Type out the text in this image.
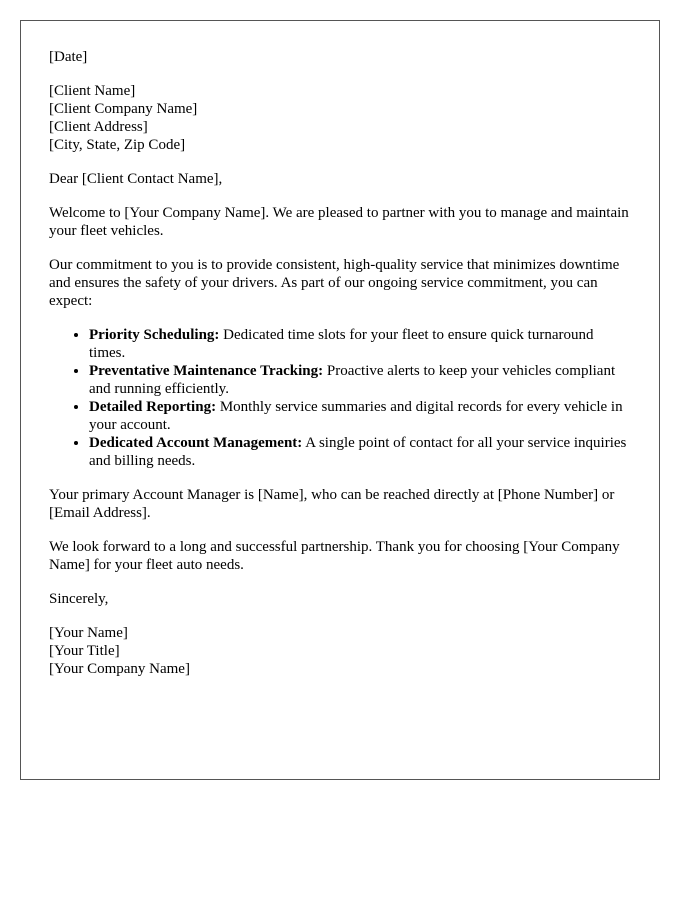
[Date]

[Client Name]
[Client Company Name]
[Client Address]
[City, State, Zip Code]

Dear [Client Contact Name],

Welcome to [Your Company Name]. We are pleased to partner with you to manage and maintain your fleet vehicles.

Our commitment to you is to provide consistent, high-quality service that minimizes downtime and ensures the safety of your drivers. As part of our ongoing service commitment, you can expect:

• Priority Scheduling: Dedicated time slots for your fleet to ensure quick turnaround times.
• Preventative Maintenance Tracking: Proactive alerts to keep your vehicles compliant and running efficiently.
• Detailed Reporting: Monthly service summaries and digital records for every vehicle in your account.
• Dedicated Account Management: A single point of contact for all your service inquiries and billing needs.

Your primary Account Manager is [Name], who can be reached directly at [Phone Number] or [Email Address].

We look forward to a long and successful partnership. Thank you for choosing [Your Company Name] for your fleet auto needs.

Sincerely,

[Your Name]
[Your Title]
[Your Company Name]
